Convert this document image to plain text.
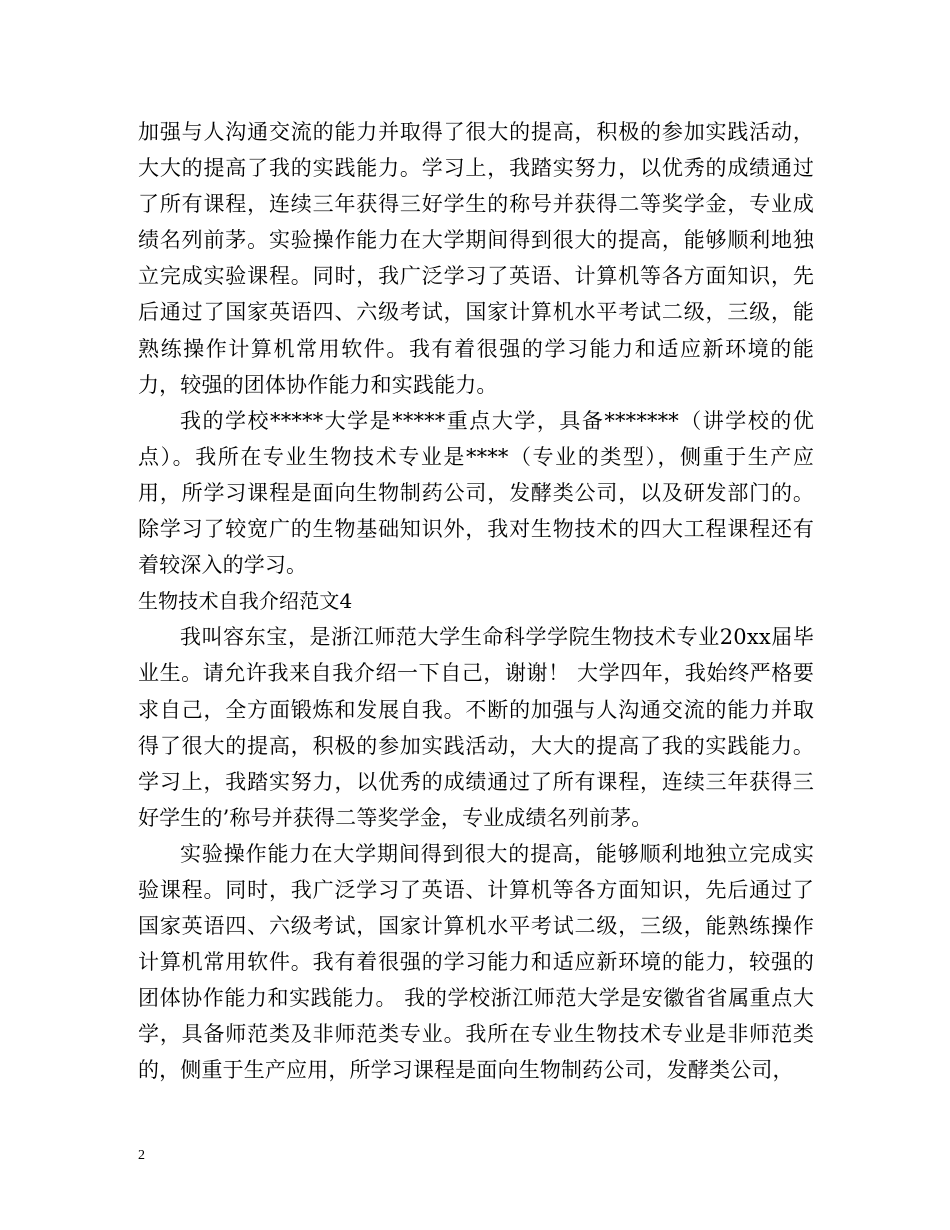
加强与人沟通交流的能力并取得了很大的提高，积极的参加实践活动，大大的提高了我的实践能力。学习上，我踏实努力，以优秀的成绩通过了所有课程，连续三年获得三好学生的称号并获得二等奖学金，专业成绩名列前茅。实验操作能力在大学期间得到很大的提高，能够顺利地独立完成实验课程。同时，我广泛学习了英语、计算机等各方面知识，先后通过了国家英语四、六级考试，国家计算机水平考试二级，三级，能熟练操作计算机常用软件。我有着很强的学习能力和适应新环境的能力，较强的团体协作能力和实践能力。

我的学校*****大学是*****重点大学，具备*******（讲学校的优点）。我所在专业生物技术专业是****（专业的类型），侧重于生产应用，所学习课程是面向生物制药公司，发酵类公司，以及研发部门的。除学习了较宽广的生物基础知识外，我对生物技术的四大工程课程还有着较深入的学习。

生物技术自我介绍范文4

我叫容东宝，是浙江师范大学生命科学学院生物技术专业20xx届毕业生。请允许我来自我介绍一下自己，谢谢！ 大学四年，我始终严格要求自己，全方面锻炼和发展自我。不断的加强与人沟通交流的能力并取得了很大的提高，积极的参加实践活动，大大的提高了我的实践能力。学习上，我踏实努力，以优秀的成绩通过了所有课程，连续三年获得三好学生的’称号并获得二等奖学金，专业成绩名列前茅。

实验操作能力在大学期间得到很大的提高，能够顺利地独立完成实验课程。同时，我广泛学习了英语、计算机等各方面知识，先后通过了国家英语四、六级考试，国家计算机水平考试二级，三级，能熟练操作计算机常用软件。我有着很强的学习能力和适应新环境的能力，较强的团体协作能力和实践能力。 我的学校浙江师范大学是安徽省省属重点大学，具备师范类及非师范类专业。我所在专业生物技术专业是非师范类的，侧重于生产应用，所学习课程是面向生物制药公司，发酵类公司，

2
